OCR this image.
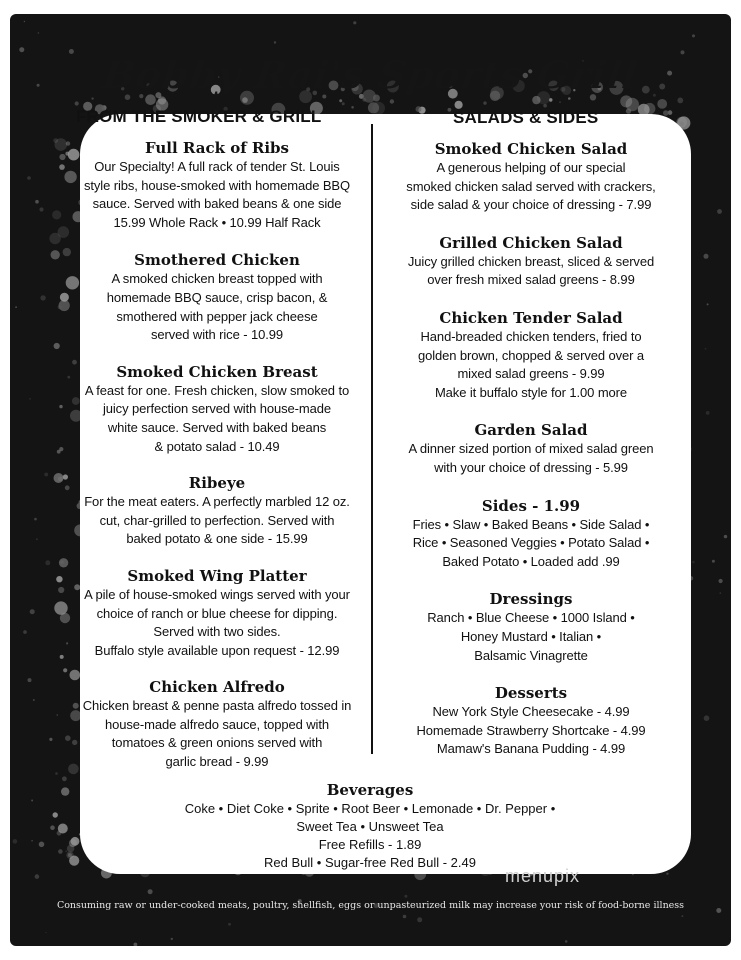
Bobby Rai's Sports Grill
FROM THE SMOKER & GRILL	SALADS & SIDES
Full Rack of Ribs
Our Specialty! A full rack of tender St. Louis
style ribs, house-smoked with homemade BBQ
sauce. Served with baked beans & one side
15.99 Whole Rack • 10.99 Half Rack
Smothered Chicken
A smoked chicken breast topped with
homemade BBQ sauce, crisp bacon, &
smothered with pepper jack cheese
served with rice - 10.99
Smoked Chicken Breast
A feast for one. Fresh chicken, slow smoked to
juicy perfection served with house-made
white sauce. Served with baked beans
& potato salad - 10.49
Ribeye
For the meat eaters. A perfectly marbled 12 oz.
cut, char-grilled to perfection. Served with
baked potato & one side - 15.99
Smoked Wing Platter
A pile of house-smoked wings served with your
choice of ranch or blue cheese for dipping.
Served with two sides.
Buffalo style available upon request - 12.99
Chicken Alfredo
Chicken breast & penne pasta alfredo tossed in
house-made alfredo sauce, topped with
tomatoes & green onions served with
garlic bread - 9.99
Smoked Chicken Salad
A generous helping of our special
smoked chicken salad served with crackers,
side salad & your choice of dressing - 7.99
Grilled Chicken Salad
Juicy grilled chicken breast, sliced & served
over fresh mixed salad greens - 8.99
Chicken Tender Salad
Hand-breaded chicken tenders, fried to
golden brown, chopped & served over a
mixed salad greens - 9.99
Make it buffalo style for 1.00 more
Garden Salad
A dinner sized portion of mixed salad green
with your choice of dressing - 5.99
Sides - 1.99
Fries • Slaw • Baked Beans • Side Salad •
Rice • Seasoned Veggies • Potato Salad •
Baked Potato • Loaded add .99
Dressings
Ranch • Blue Cheese • 1000 Island •
Honey Mustard • Italian •
Balsamic Vinagrette
Desserts
New York Style Cheesecake - 4.99
Homemade Strawberry Shortcake - 4.99
Mamaw's Banana Pudding - 4.99
Beverages
Coke • Diet Coke • Sprite • Root Beer • Lemonade • Dr. Pepper •
Sweet Tea • Unsweet Tea
Free Refills - 1.89
Red Bull • Sugar-free Red Bull - 2.49
menupix
Consuming raw or under-cooked meats, poultry, shellfish, eggs or unpasteurized milk may increase your risk of food-borne illness
